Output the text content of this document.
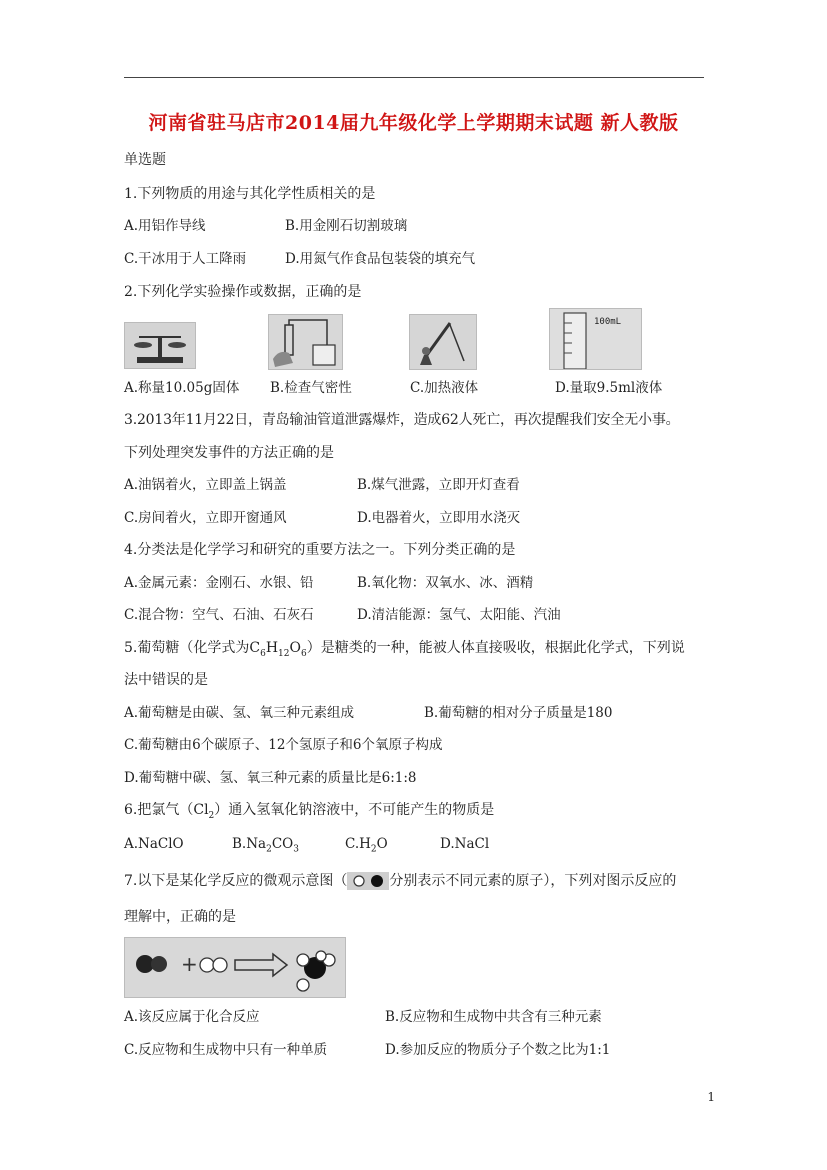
河南省驻马店市2014届九年级化学上学期期末试题 新人教版
单选题
1.下列物质的用途与其化学性质相关的是
A.用铝作导线	B.用金刚石切割玻璃
C.干冰用于人工降雨	D.用氮气作食品包装袋的填充气
2.下列化学实验操作或数据，正确的是
100mL
A.称量10.05g固体 B.检查气密性	C.加热液体	D.量取9.5ml液体
3.2013年11月22日，青岛输油管道泄露爆炸，造成62人死亡，再次提醒我们安全无小事。
下列处理突发事件的方法正确的是
A.油锅着火，立即盖上锅盖	B.煤气泄露，立即开灯查看
C.房间着火，立即开窗通风	D.电器着火，立即用水浇灭
4.分类法是化学学习和研究的重要方法之一。下列分类正确的是
A.金属元素：金刚石、水银、铅	B.氧化物：双氧水、冰、酒精
C.混合物：空气、石油、石灰石	D.清洁能源：氢气、太阳能、汽油
5.葡萄糖（化学式为$C_6H_{12}O_6$）是糖类的一种，能被人体直接吸收，根据此化学式，下列说
法中错误的是
A.葡萄糖是由碳、氢、氧三种元素组成	B.葡萄糖的相对分子质量是180
C.葡萄糖由6个碳原子、12个氢原子和6个氧原子构成
D.葡萄糖中碳、氢、氧三种元素的质量比是6:1:8
6.把氯气$(Cl_2)$通入氢氧化钠溶液中，不可能产生的物质是
A.NaClO	$B.Na_2CO_3$	$C.H_2O$	D.NaCl
7.以下是某化学反应的微观示意图（	分别表示不同元素的原子），下列对图示反应的
理解中，正确的是
+
A.该反应属于化合反应	B.反应物和生成物中共含有三种元素
C.反应物和生成物中只有一种单质	D.参加反应的物质分子个数之比为1:1
1
